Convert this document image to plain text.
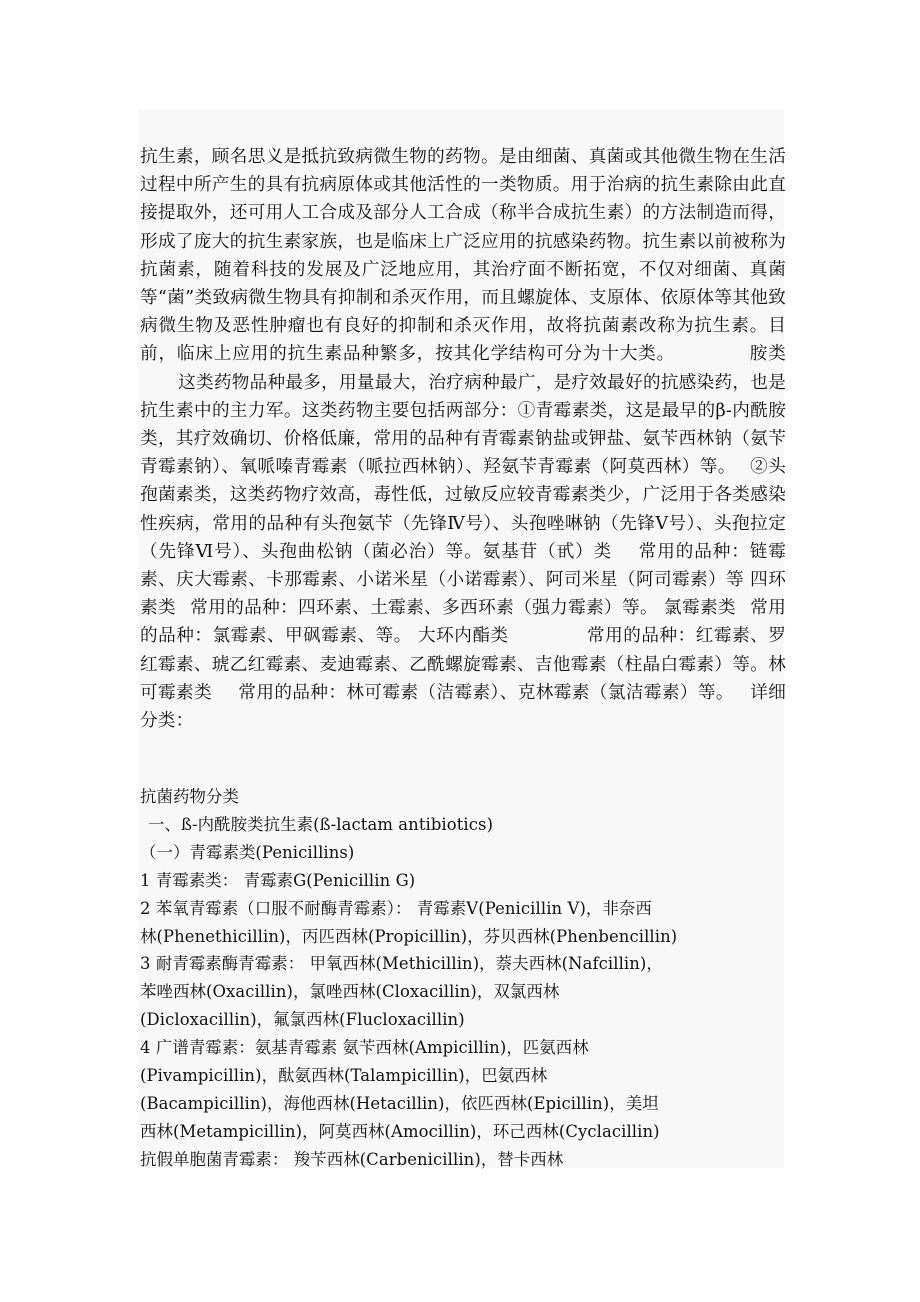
抗生素，顾名思义是抵抗致病微生物的药物。是由细菌、真菌或其他微生物在生活过程中所产生的具有抗病原体或其他活性的一类物质。用于治病的抗生素除由此直接提取外，还可用人工合成及部分人工合成（称半合成抗生素）的方法制造而得，形成了庞大的抗生素家族，也是临床上广泛应用的抗感染药物。抗生素以前被称为抗菌素，随着科技的发展及广泛地应用，其治疗面不断拓宽，不仅对细菌、真菌等“菌”类致病微生物具有抑制和杀灭作用，而且螺旋体、支原体、依原体等其他致病微生物及恶性肿瘤也有良好的抑制和杀灭作用，故将抗菌素改称为抗生素。目前，临床上应用的抗生素品种繁多，按其化学结构可分为十大类。	胺类这类药物品种最多，用量最大，治疗病种最广，是疗效最好的抗感染药，也是抗生素中的主力军。这类药物主要包括两部分：①青霉素类，这是最早的β-内酰胺类，其疗效确切、价格低廉，常用的品种有青霉素钠盐或钾盐、氨苄西林钠（氨苄青霉素钠）、氧哌嗪青霉素（哌拉西林钠）、羟氨苄青霉素（阿莫西林）等。 ②头孢菌素类，这类药物疗效高，毒性低，过敏反应较青霉素类少，广泛用于各类感染性疾病，常用的品种有头孢氨苄（先锋Ⅳ号）、头孢唑啉钠（先锋Ⅴ号）、头孢拉定（先锋Ⅵ号）、头孢曲松钠（菌必治）等。氨基苷（甙）类 常用的品种：链霉素、庆大霉素、卡那霉素、小诺米星（小诺霉素）、阿司米星（阿司霉素）等 四环素类 常用的品种：四环素、土霉素、多西环素（强力霉素）等。 氯霉素类 常用的品种：氯霉素、甲砜霉素、等。 大环内酯类	常用的品种：红霉素、罗红霉素、琥乙红霉素、麦迪霉素、乙酰螺旋霉素、吉他霉素（柱晶白霉素）等。林可霉素类 常用的品种：林可霉素（洁霉素）、克林霉素（氯洁霉素）等。 详细分类：
抗菌药物分类
一、ß-内酰胺类抗生素(ß-lactam antibiotics)
（一）青霉素类(Penicillins)
1 青霉素类： 青霉素G(Penicillin G)
2 苯氧青霉素（口服不耐酶青霉素）： 青霉素V(Penicillin V)，非奈西
林(Phenethicillin)，丙匹西林(Propicillin)，芬贝西林(Phenbencillin)
3 耐青霉素酶青霉素： 甲氧西林(Methicillin)，萘夫西林(Nafcillin)，
苯唑西林(Oxacillin)，氯唑西林(Cloxacillin)，双氯西林
(Dicloxacillin)，氟氯西林(Flucloxacillin)
4 广谱青霉素：氨基青霉素 氨苄西林(Ampicillin)，匹氨西林
(Pivampicillin)，酞氨西林(Talampicillin)，巴氨西林
(Bacampicillin)，海他西林(Hetacillin)，依匹西林(Epicillin)，美坦
西林(Metampicillin)，阿莫西林(Amocillin)，环己西林(Cyclacillin)
抗假单胞菌青霉素： 羧苄西林(Carbenicillin)，替卡西林
